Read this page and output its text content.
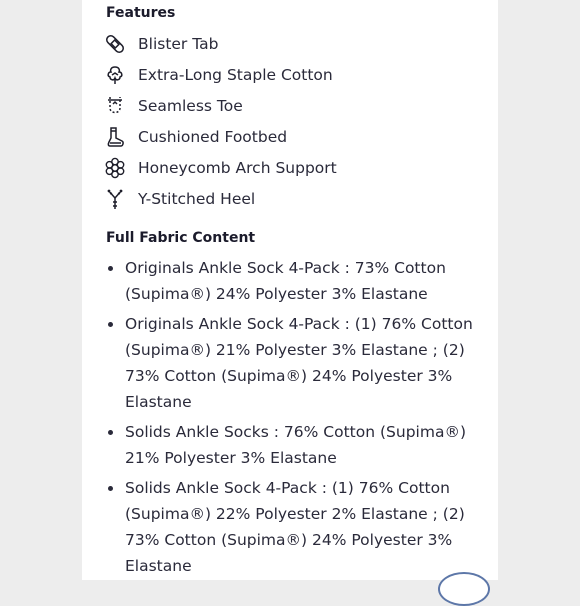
Features
Blister Tab
Extra-Long Staple Cotton
Seamless Toe
Cushioned Footbed
Honeycomb Arch Support
Y-Stitched Heel
Full Fabric Content
Originals Ankle Sock 4-Pack : 73% Cotton (Supima®) 24% Polyester 3% Elastane
Originals Ankle Sock 4-Pack : (1) 76% Cotton (Supima®) 21% Polyester 3% Elastane ; (2) 73% Cotton (Supima®) 24% Polyester 3% Elastane
Solids Ankle Socks : 76% Cotton (Supima®) 21% Polyester 3% Elastane
Solids Ankle Sock 4-Pack : (1) 76% Cotton (Supima®) 22% Polyester 2% Elastane ; (2) 73% Cotton (Supima®) 24% Polyester 3% Elastane
